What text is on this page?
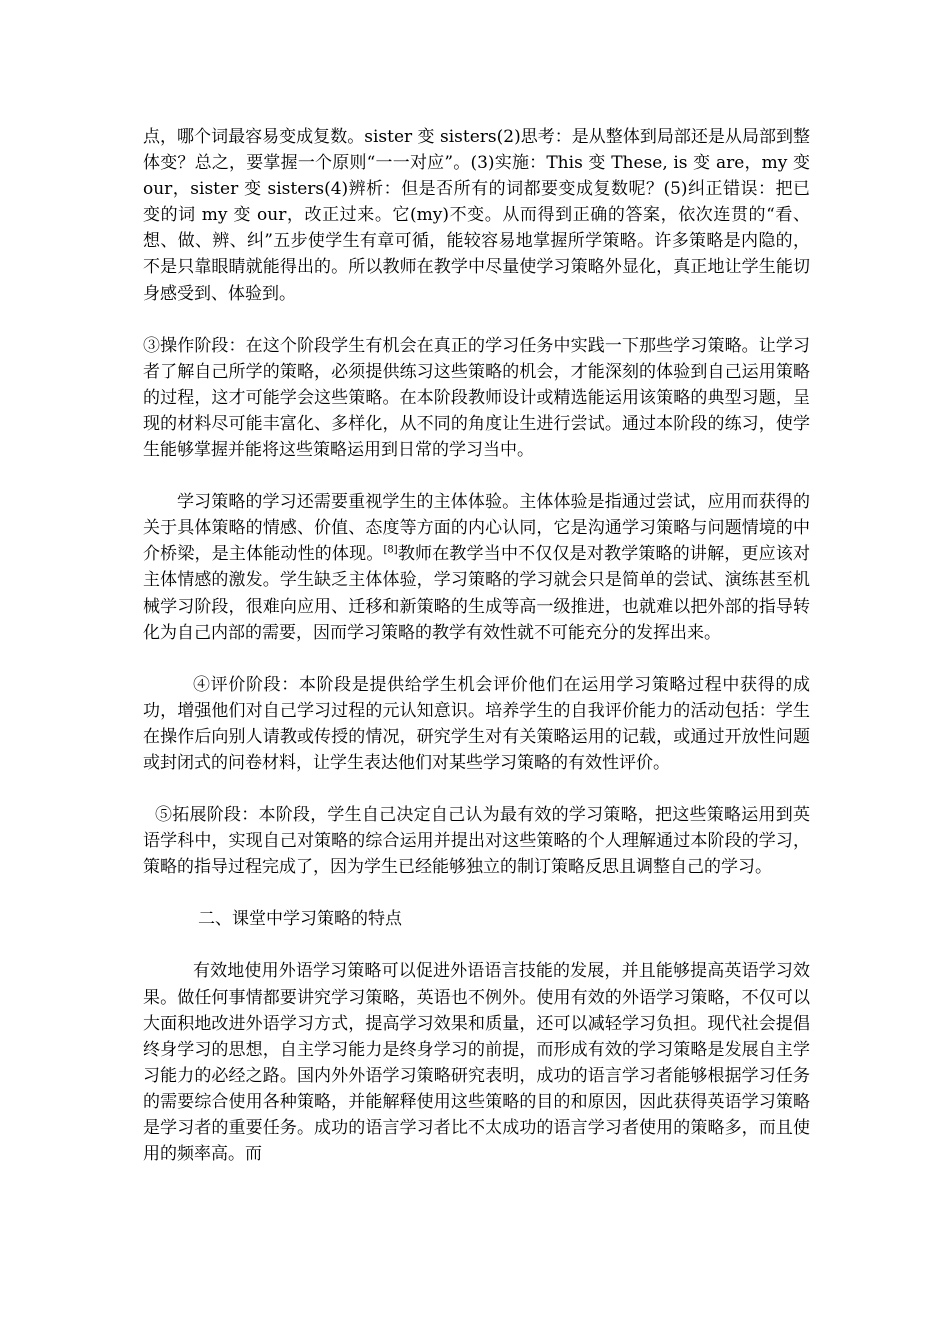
点，哪个词最容易变成复数。sister 变 sisters(2)思考：是从整体到局部还是从局部到整体变？总之，要掌握一个原则“一一对应”。(3)实施：This 变 These, is 变 are，my 变 our，sister 变 sisters(4)辨析：但是否所有的词都要变成复数呢？(5)纠正错误：把已变的词 my 变 our，改正过来。它(my)不变。从而得到正确的答案，依次连贯的“看、想、做、辨、纠”五步使学生有章可循，能较容易地掌握所学策略。许多策略是内隐的，不是只靠眼睛就能得出的。所以教师在教学中尽量使学习策略外显化，真正地让学生能切身感受到、体验到。

③操作阶段：在这个阶段学生有机会在真正的学习任务中实践一下那些学习策略。让学习者了解自己所学的策略，必须提供练习这些策略的机会，才能深刻的体验到自己运用策略的过程，这才可能学会这些策略。在本阶段教师设计或精选能运用该策略的典型习题，呈现的材料尽可能丰富化、多样化，从不同的角度让生进行尝试。通过本阶段的练习，使学生能够掌握并能将这些策略运用到日常的学习当中。

学习策略的学习还需要重视学生的主体体验。主体体验是指通过尝试，应用而获得的关于具体策略的情感、价值、态度等方面的内心认同，它是沟通学习策略与问题情境的中介桥梁，是主体能动性的体现。[8]教师在教学当中不仅仅是对教学策略的讲解，更应该对主体情感的激发。学生缺乏主体体验，学习策略的学习就会只是简单的尝试、演练甚至机械学习阶段，很难向应用、迁移和新策略的生成等高一级推进，也就难以把外部的指导转化为自己内部的需要，因而学习策略的教学有效性就不可能充分的发挥出来。

④评价阶段：本阶段是提供给学生机会评价他们在运用学习策略过程中获得的成功，增强他们对自己学习过程的元认知意识。培养学生的自我评价能力的活动包括：学生在操作后向别人请教或传授的情况，研究学生对有关策略运用的记载，或通过开放性问题或封闭式的问卷材料，让学生表达他们对某些学习策略的有效性评价。

⑤拓展阶段：本阶段，学生自己决定自己认为最有效的学习策略，把这些策略运用到英语学科中，实现自己对策略的综合运用并提出对这些策略的个人理解通过本阶段的学习，策略的指导过程完成了，因为学生已经能够独立的制订策略反思且调整自己的学习。

二、课堂中学习策略的特点

有效地使用外语学习策略可以促进外语语言技能的发展，并且能够提高英语学习效果。做任何事情都要讲究学习策略，英语也不例外。使用有效的外语学习策略，不仅可以大面积地改进外语学习方式，提高学习效果和质量，还可以减轻学习负担。现代社会提倡终身学习的思想，自主学习能力是终身学习的前提，而形成有效的学习策略是发展自主学习能力的必经之路。国内外外语学习策略研究表明，成功的语言学习者能够根据学习任务的需要综合使用各种策略，并能解释使用这些策略的目的和原因，因此获得英语学习策略是学习者的重要任务。成功的语言学习者比不太成功的语言学习者使用的策略多，而且使用的频率高。而
